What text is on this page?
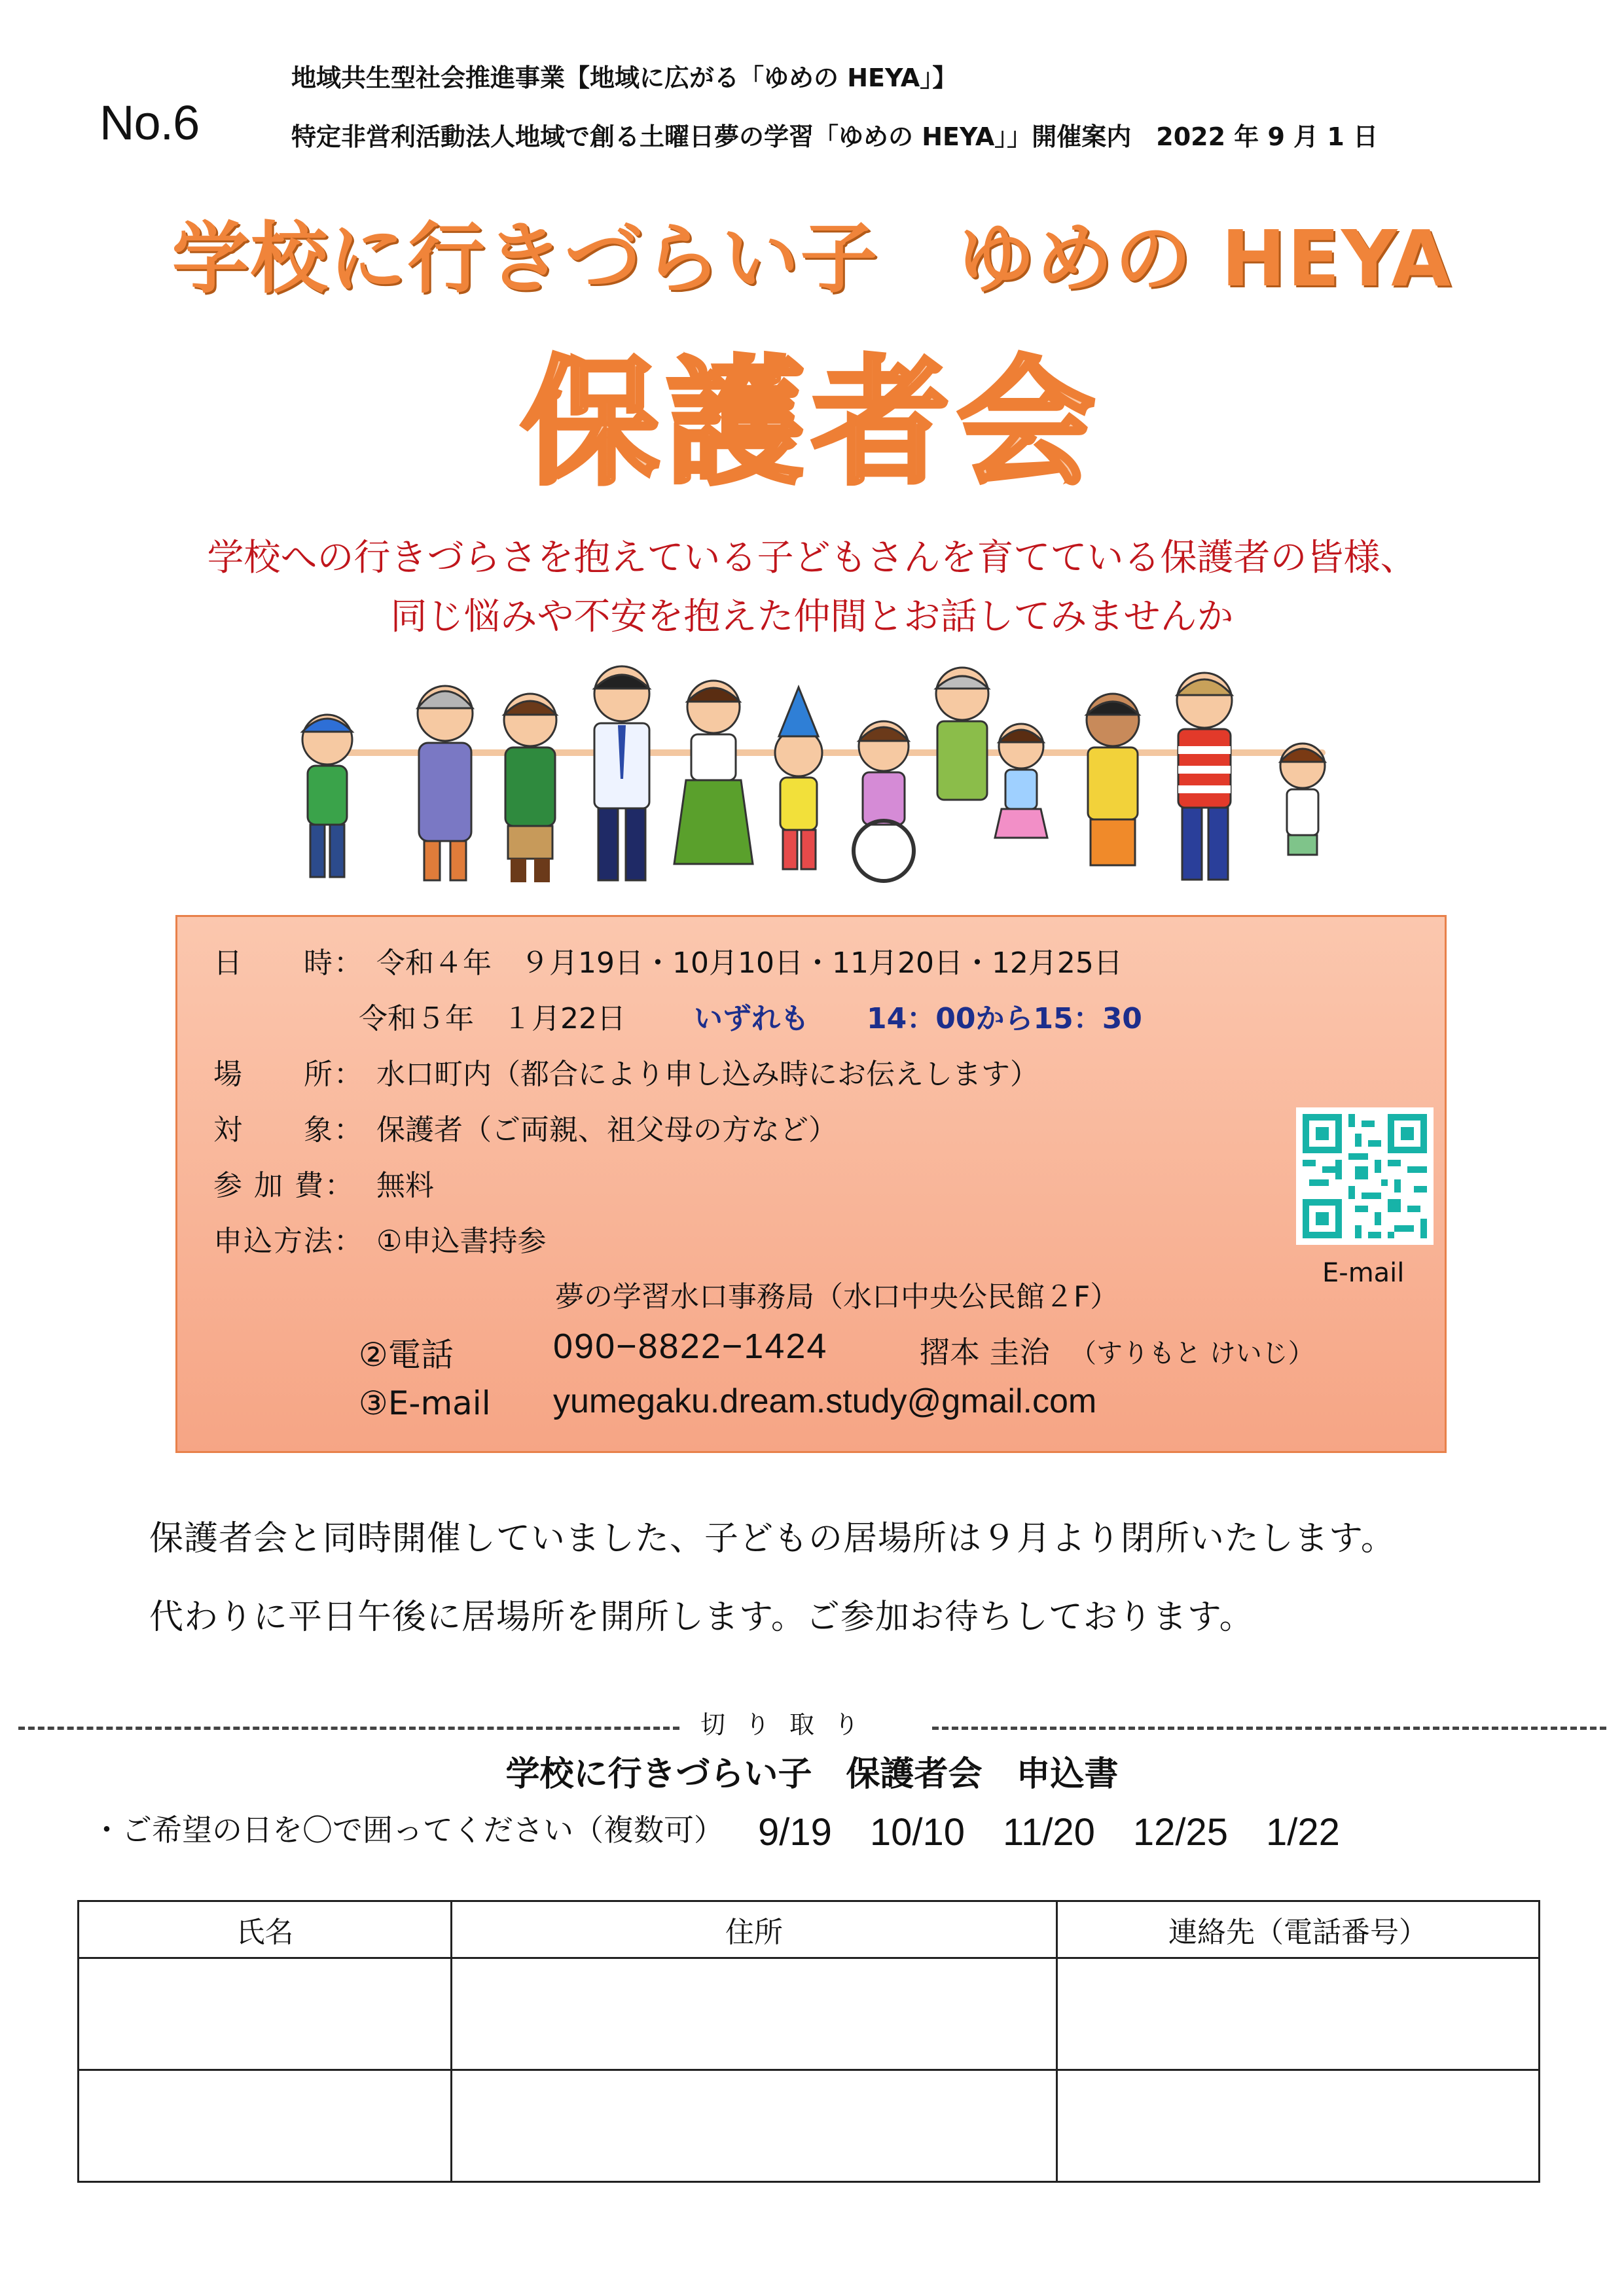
No.6
地域共生型社会推進事業【地域に広がる「ゆめの HEYA」】
特定非営利活動法人地域で創る土曜日夢の学習「ゆめの HEYA」」開催案内　2022 年 9 月 1 日
学校に行きづらい子　ゆめの HEYA
保護者会
学校への行きづらさを抱えている子どもさんを育てている保護者の皆様、
同じ悩みや不安を抱えた仲間とお話してみませんか
日　　時： 令和４年　９月19日・10月10日・11月20日・12月25日
令和５年　１月22日 いずれも　　14：00から15：30
場　　所： 水口町内（都合により申し込み時にお伝えします）
対　　象： 保護者（ご両親、祖父母の方など）
参 加 費： 無料
申込方法： ①申込書持参
夢の学習水口事務局（水口中央公民館２F）
②電話	090−8822−1424	摺本 圭治 （すりもと けいじ）
③E-mail yumegaku.dream.study@gmail.com
E-mail
保護者会と同時開催していました、子どもの居場所は９月より閉所いたします。
代わりに平日午後に居場所を開所します。ご参加お待ちしております。
切り取り
学校に行きづらい子　保護者会　申込書
・ご希望の日を〇で囲ってください（複数可） 9/19　10/10　11/20　12/25　1/22
氏名	住所	連絡先（電話番号）
